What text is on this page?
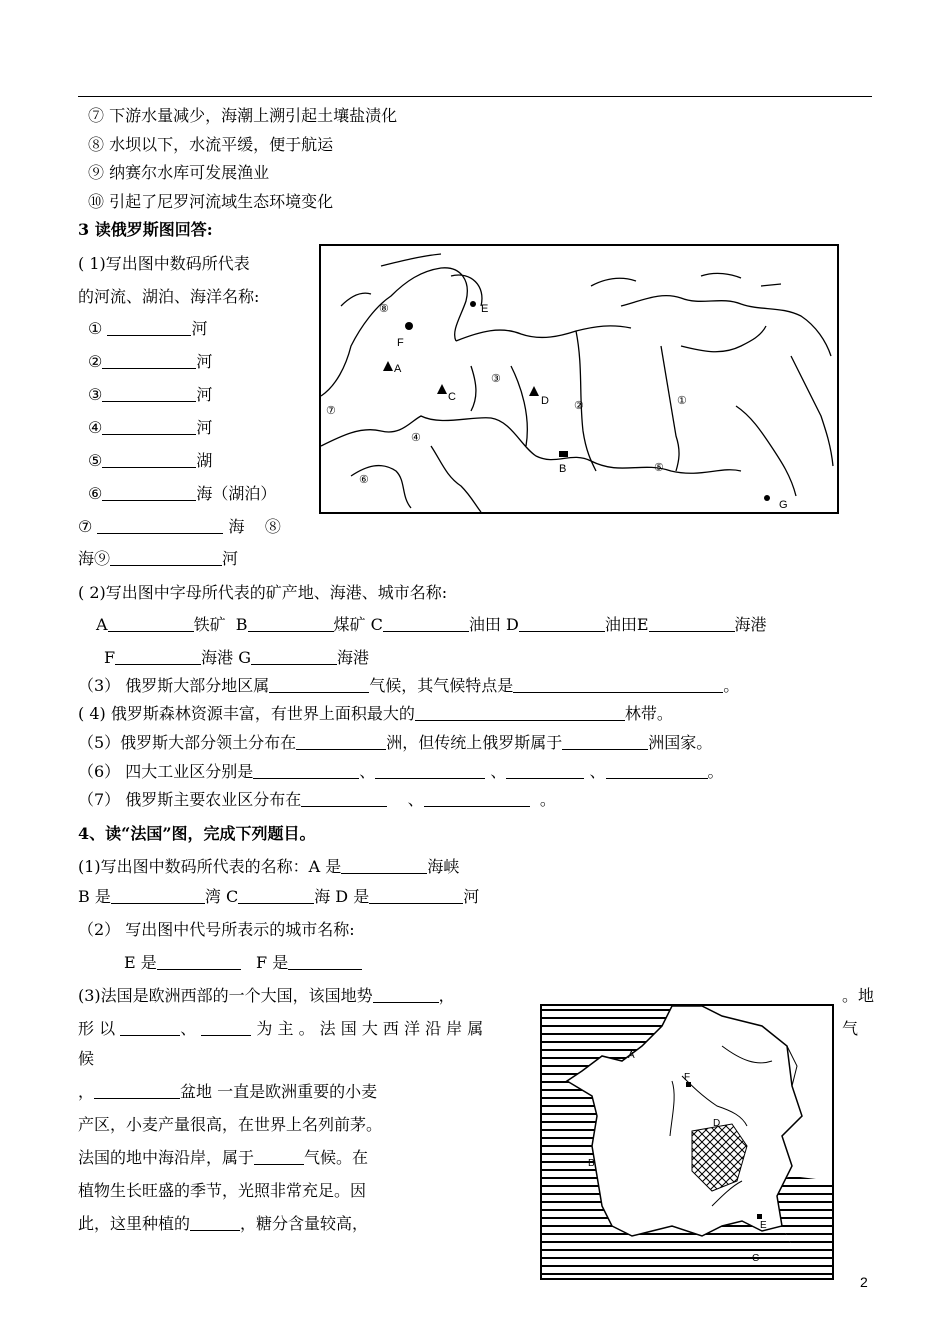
⑦ 下游水量减少，海潮上溯引起土壤盐渍化
⑧ 水坝以下，水流平缓，便于航运
⑨ 纳赛尔水库可发展渔业
⑩ 引起了尼罗河流域生态环境变化
3 读俄罗斯图回答:
( 1)写出图中数码所代表
的河流、湖泊、海洋名称:
①	河
②	河
③	河
④	河
⑤	湖
⑥	海（湖泊）
⑦	海 ⑧
海⑨	河
⑧	E
F
A
C
③
D ②	①
⑦
④
B	⑤
⑥
G
( 2)写出图中字母所代表的矿产地、海港、城市名称:
A	铁矿 B	煤矿 C	油田 D	油田E	海港
F	海港 G	海港
（3） 俄罗斯大部分地区属	气候，其气候特点是	。
( 4) 俄罗斯森林资源丰富，有世界上面积最大的	林带。
（5）俄罗斯大部分领土分布在	洲，但传统上俄罗斯属于	洲国家。
（6） 四大工业区分别是	、	、	、	。
（7） 俄罗斯主要农业区分布在	、	。
4、读“法国”图，完成下列题目。
(1)写出图中数码所代表的名称：A 是	海峡
B 是	湾 C	海 D 是	河
（2） 写出图中代号所表示的城市名称:
E 是	F 是
(3)法国是欧洲西部的一个大国，该国地势	，	。地
形 以	、	为 主 。 法 国 大 西 洋 沿 岸 属	气
候
，	盆地 一直是欧洲重要的小麦
产区，小麦产量很高，在世界上名列前茅。
法国的地中海沿岸，属于	气候。在
植物生长旺盛的季节，光照非常充足。因
此，这里种植的	，糖分含量较高，
A
F
D
B
E
C
2
